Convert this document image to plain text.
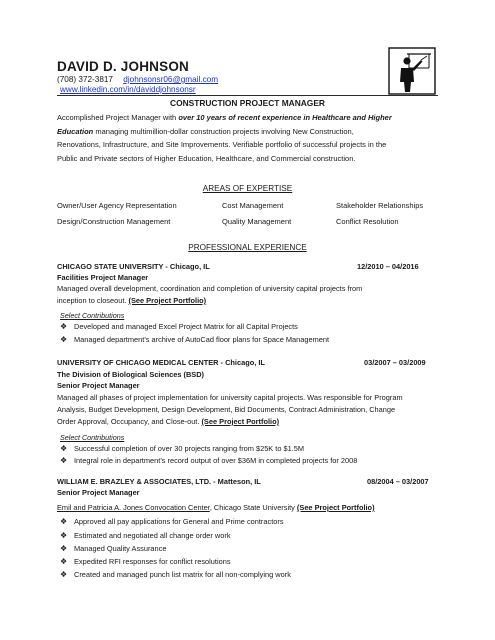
DAVID D. JOHNSON
(708) 372-3817 djohnsonsr06@gmail.com
www.linkedin.com/in/daviddjohnsonsr
CONSTRUCTION PROJECT MANAGER
Accomplished Project Manager with over 10 years of recent experience in Healthcare and Higher
Education managing multimillion-dollar construction projects involving New Construction,
Renovations, Infrastructure, and Site Improvements. Verifiable portfolio of successful projects in the
Public and Private sectors of Higher Education, Healthcare, and Commercial construction.
AREAS OF EXPERTISE
Owner/User Agency Representation	Cost Management	Stakeholder Relationships
Design/Construction Management	Quality Management	Conflict Resolution
PROFESSIONAL EXPERIENCE
CHICAGO STATE UNIVERSITY - Chicago, IL	12/2010 – 04/2016
Facilities Project Manager
Managed overall development, coordination and completion of university capital projects from
inception to closeout. (See Project Portfolio)
Select Contributions
❖ Developed and managed Excel Project Matrix for all Capital Projects
❖ Managed department’s archive of AutoCad floor plans for Space Management
UNIVERSITY OF CHICAGO MEDICAL CENTER - Chicago, IL	03/2007 – 03/2009
The Division of Biological Sciences (BSD)
Senior Project Manager
Managed all phases of project implementation for university capital projects. Was responsible for Program
Analysis, Budget Development, Design Development, Bid Documents, Contract Administration, Change
Order Approval, Occupancy, and Close-out. (See Project Portfolio)
Select Contributions
❖ Successful completion of over 30 projects ranging from $25K to $1.5M
❖ Integral role in department’s record output of over $36M in completed projects for 2008
WILLIAM E. BRAZLEY & ASSOCIATES, LTD. - Matteson, IL	08/2004 – 03/2007
Senior Project Manager
Emil and Patricia A. Jones Convocation Center, Chicago State University (See Project Portfolio)
❖ Approved all pay applications for General and Prime contractors
❖ Estimated and negotiated all change order work
❖ Managed Quality Assurance
❖ Expedited RFI responses for conflict resolutions
❖ Created and managed punch list matrix for all non-complying work
